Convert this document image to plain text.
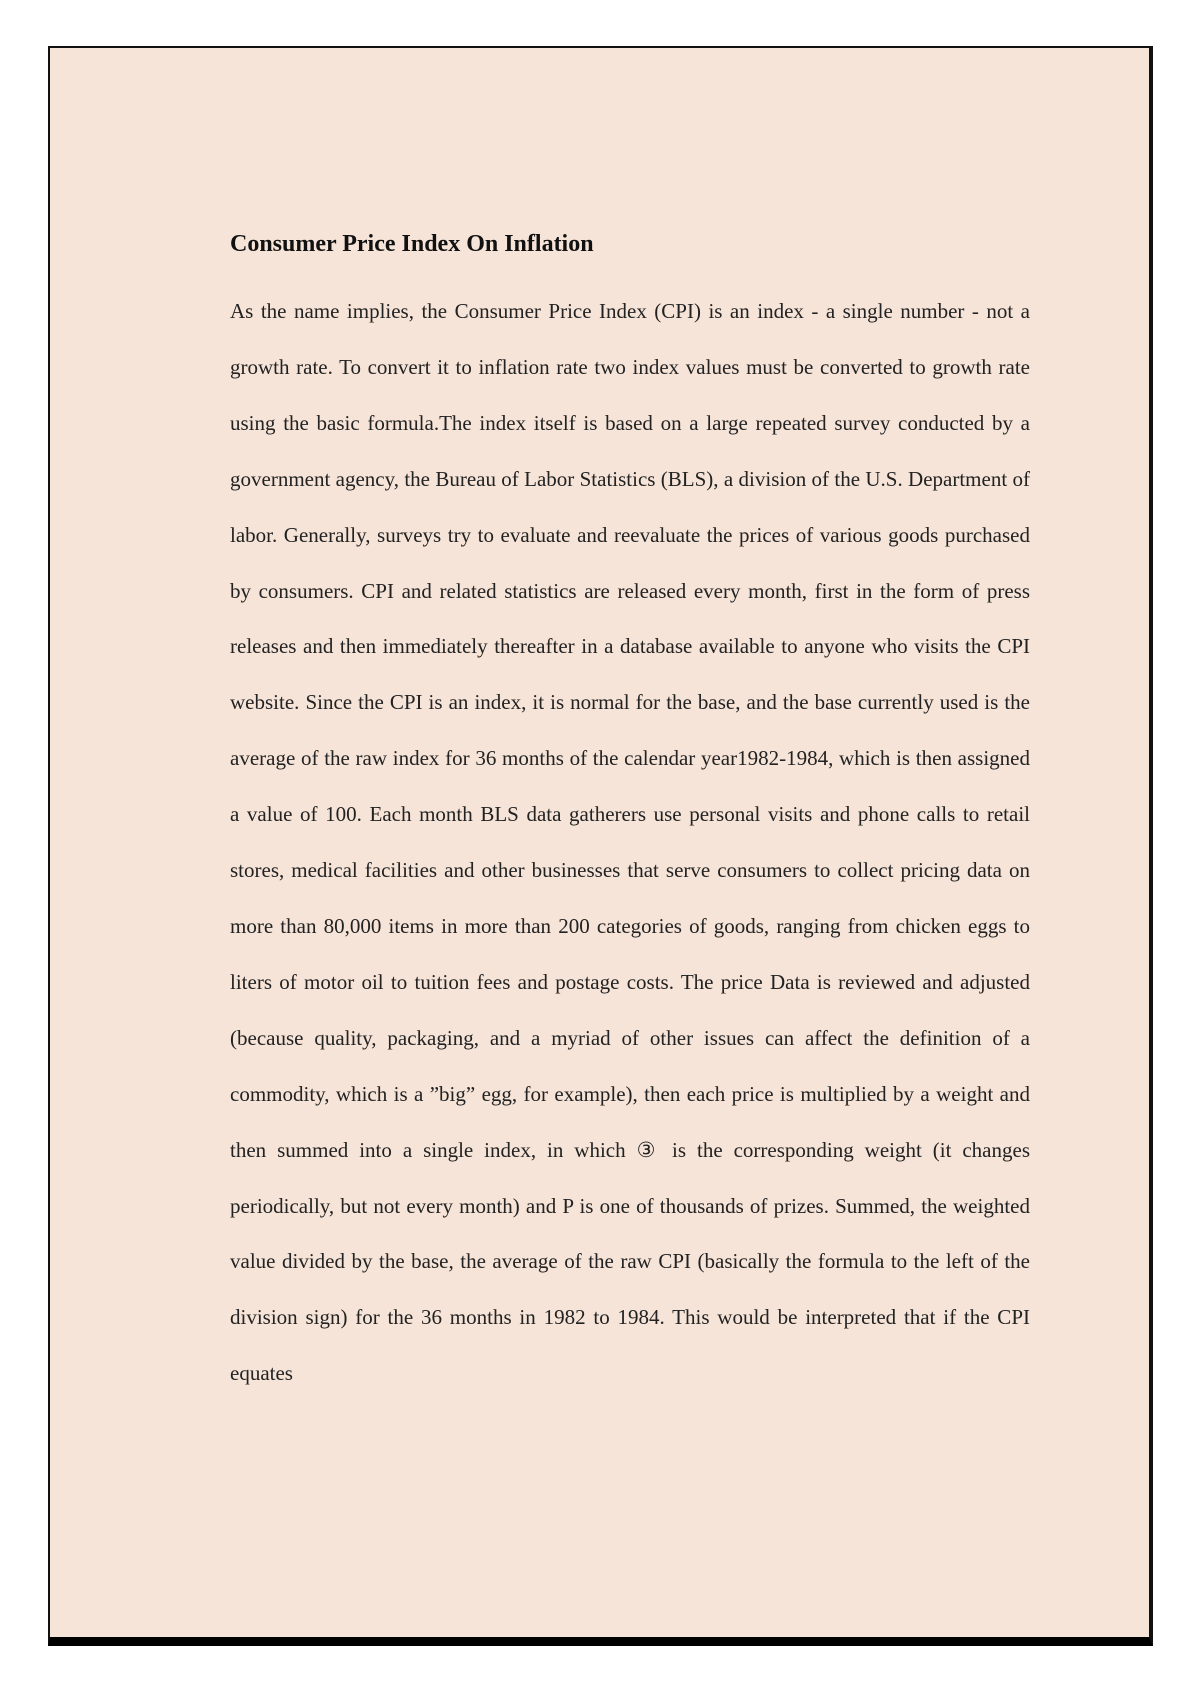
Consumer Price Index On Inflation

As the name implies, the Consumer Price Index (CPI) is an index - a single number - not a growth rate. To convert it to inflation rate two index values must be converted to growth rate using the basic formula.The index itself is based on a large repeated survey conducted by a government agency, the Bureau of Labor Statistics (BLS), a division of the U.S. Department of labor. Generally, surveys try to evaluate and reevaluate the prices of various goods purchased by consumers. CPI and related statistics are released every month, first in the form of press releases and then immediately thereafter in a database available to anyone who visits the CPI website. Since the CPI is an index, it is normal for the base, and the base currently used is the average of the raw index for 36 months of the calendar year1982-1984, which is then assigned a value of 100. Each month BLS data gatherers use personal visits and phone calls to retail stores, medical facilities and other businesses that serve consumers to collect pricing data on more than 80,000 items in more than 200 categories of goods, ranging from chicken eggs to liters of motor oil to tuition fees and postage costs. The price Data is reviewed and adjusted (because quality, packaging, and a myriad of other issues can affect the definition of a commodity, which is a ”big” egg, for example), then each price is multiplied by a weight and then summed into a single index, in which ③ is the corresponding weight (it changes periodically, but not every month) and P is one of thousands of prizes. Summed, the weighted value divided by the base, the average of the raw CPI (basically the formula to the left of the division sign) for the 36 months in 1982 to 1984. This would be interpreted that if the CPI equates
